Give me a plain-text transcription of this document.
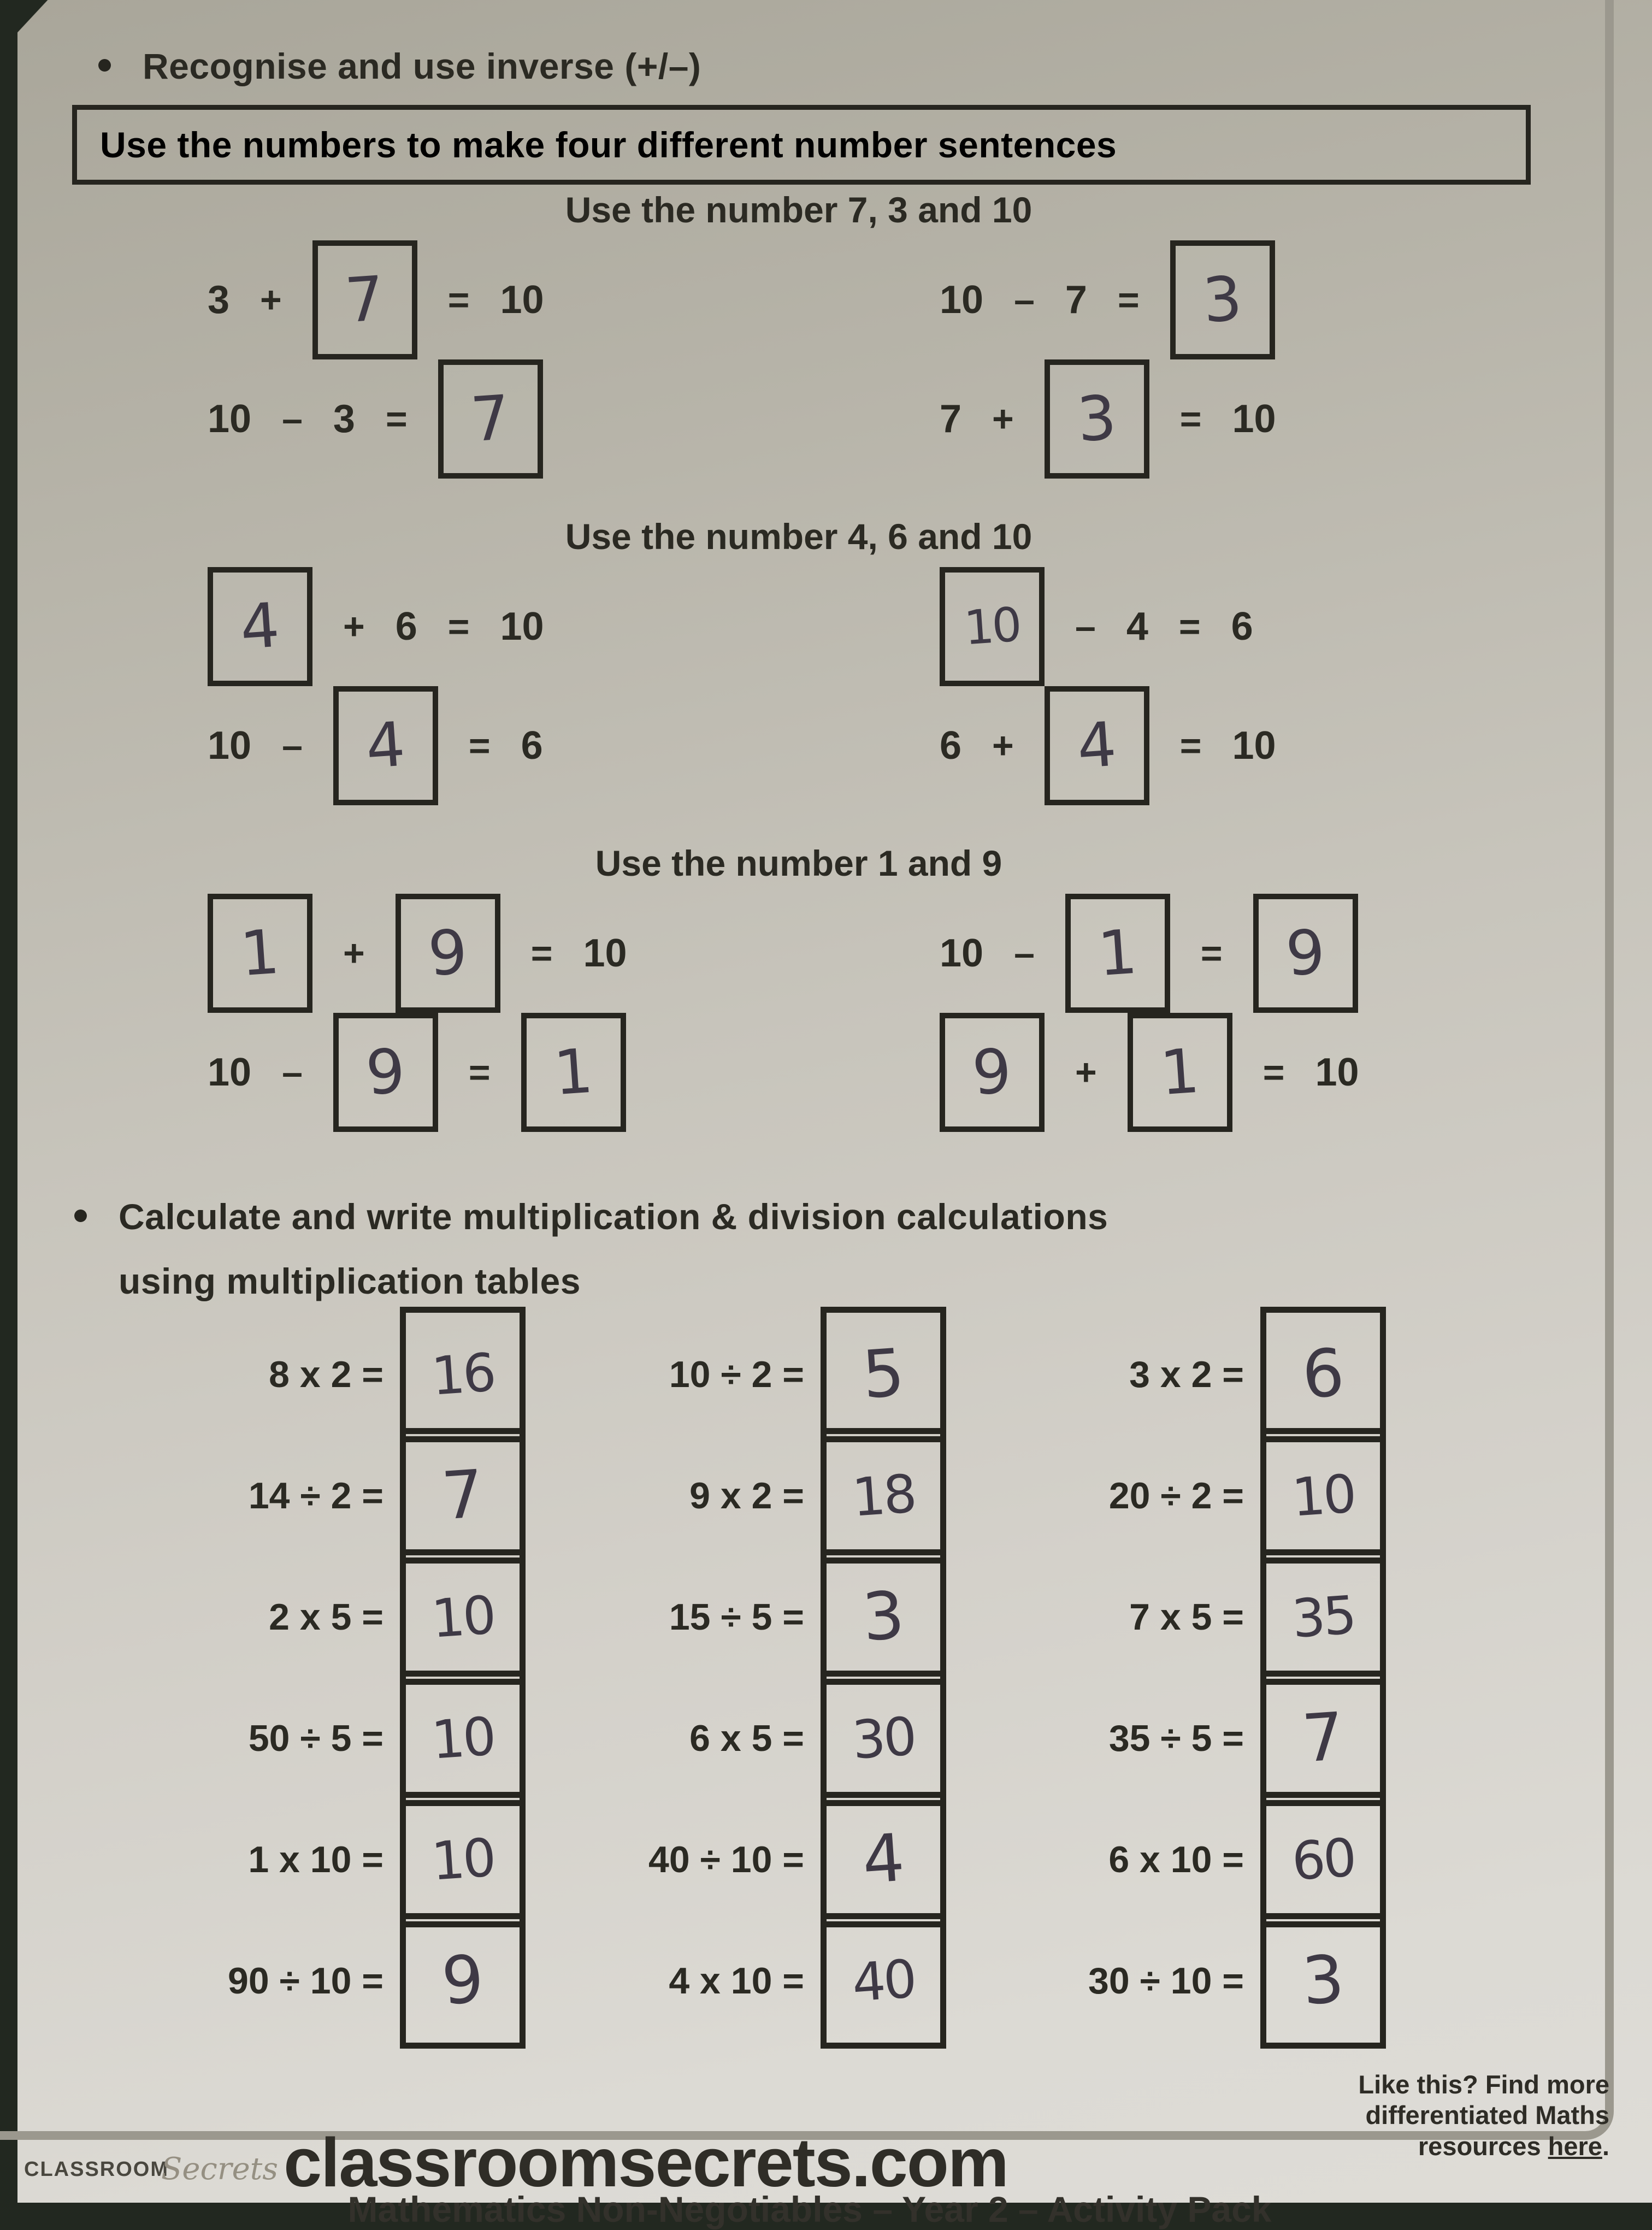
Recognise and use inverse (+/–)
Use the numbers to make four different number sentences
Use the number 7, 3 and 10
3 + 7 = 10	10 – 7 = 3
10 – 3 = 7	7 + 3 = 10
Use the number 4, 6 and 10
4 + 6 = 10	10 – 4 = 6
10 – 4 = 6	6 + 4 = 10
Use the number 1 and 9
1 + 9 = 10	10 – 1 = 9
10 – 9 = 1	9 + 1 = 10
Calculate and write multiplication & division calculations using multiplication tables
8 x 2 = 16	10 ÷ 2 = 5	3 x 2 = 6
14 ÷ 2 = 7	9 x 2 = 18	20 ÷ 2 = 10
2 x 5 = 10	15 ÷ 5 = 3	7 x 5 = 35
50 ÷ 5 = 10	6 x 5 = 30	35 ÷ 5 = 7
1 x 10 = 10	40 ÷ 10 = 4	6 x 10 = 60
90 ÷ 10 = 9	4 x 10 = 40	30 ÷ 10 = 3
classroomsecrets.com
Mathematics Non-Negotiables – Year 2 – Activity Pack
Like this? Find more
differentiated Maths
resources here.
CLASSROOMSecrets
